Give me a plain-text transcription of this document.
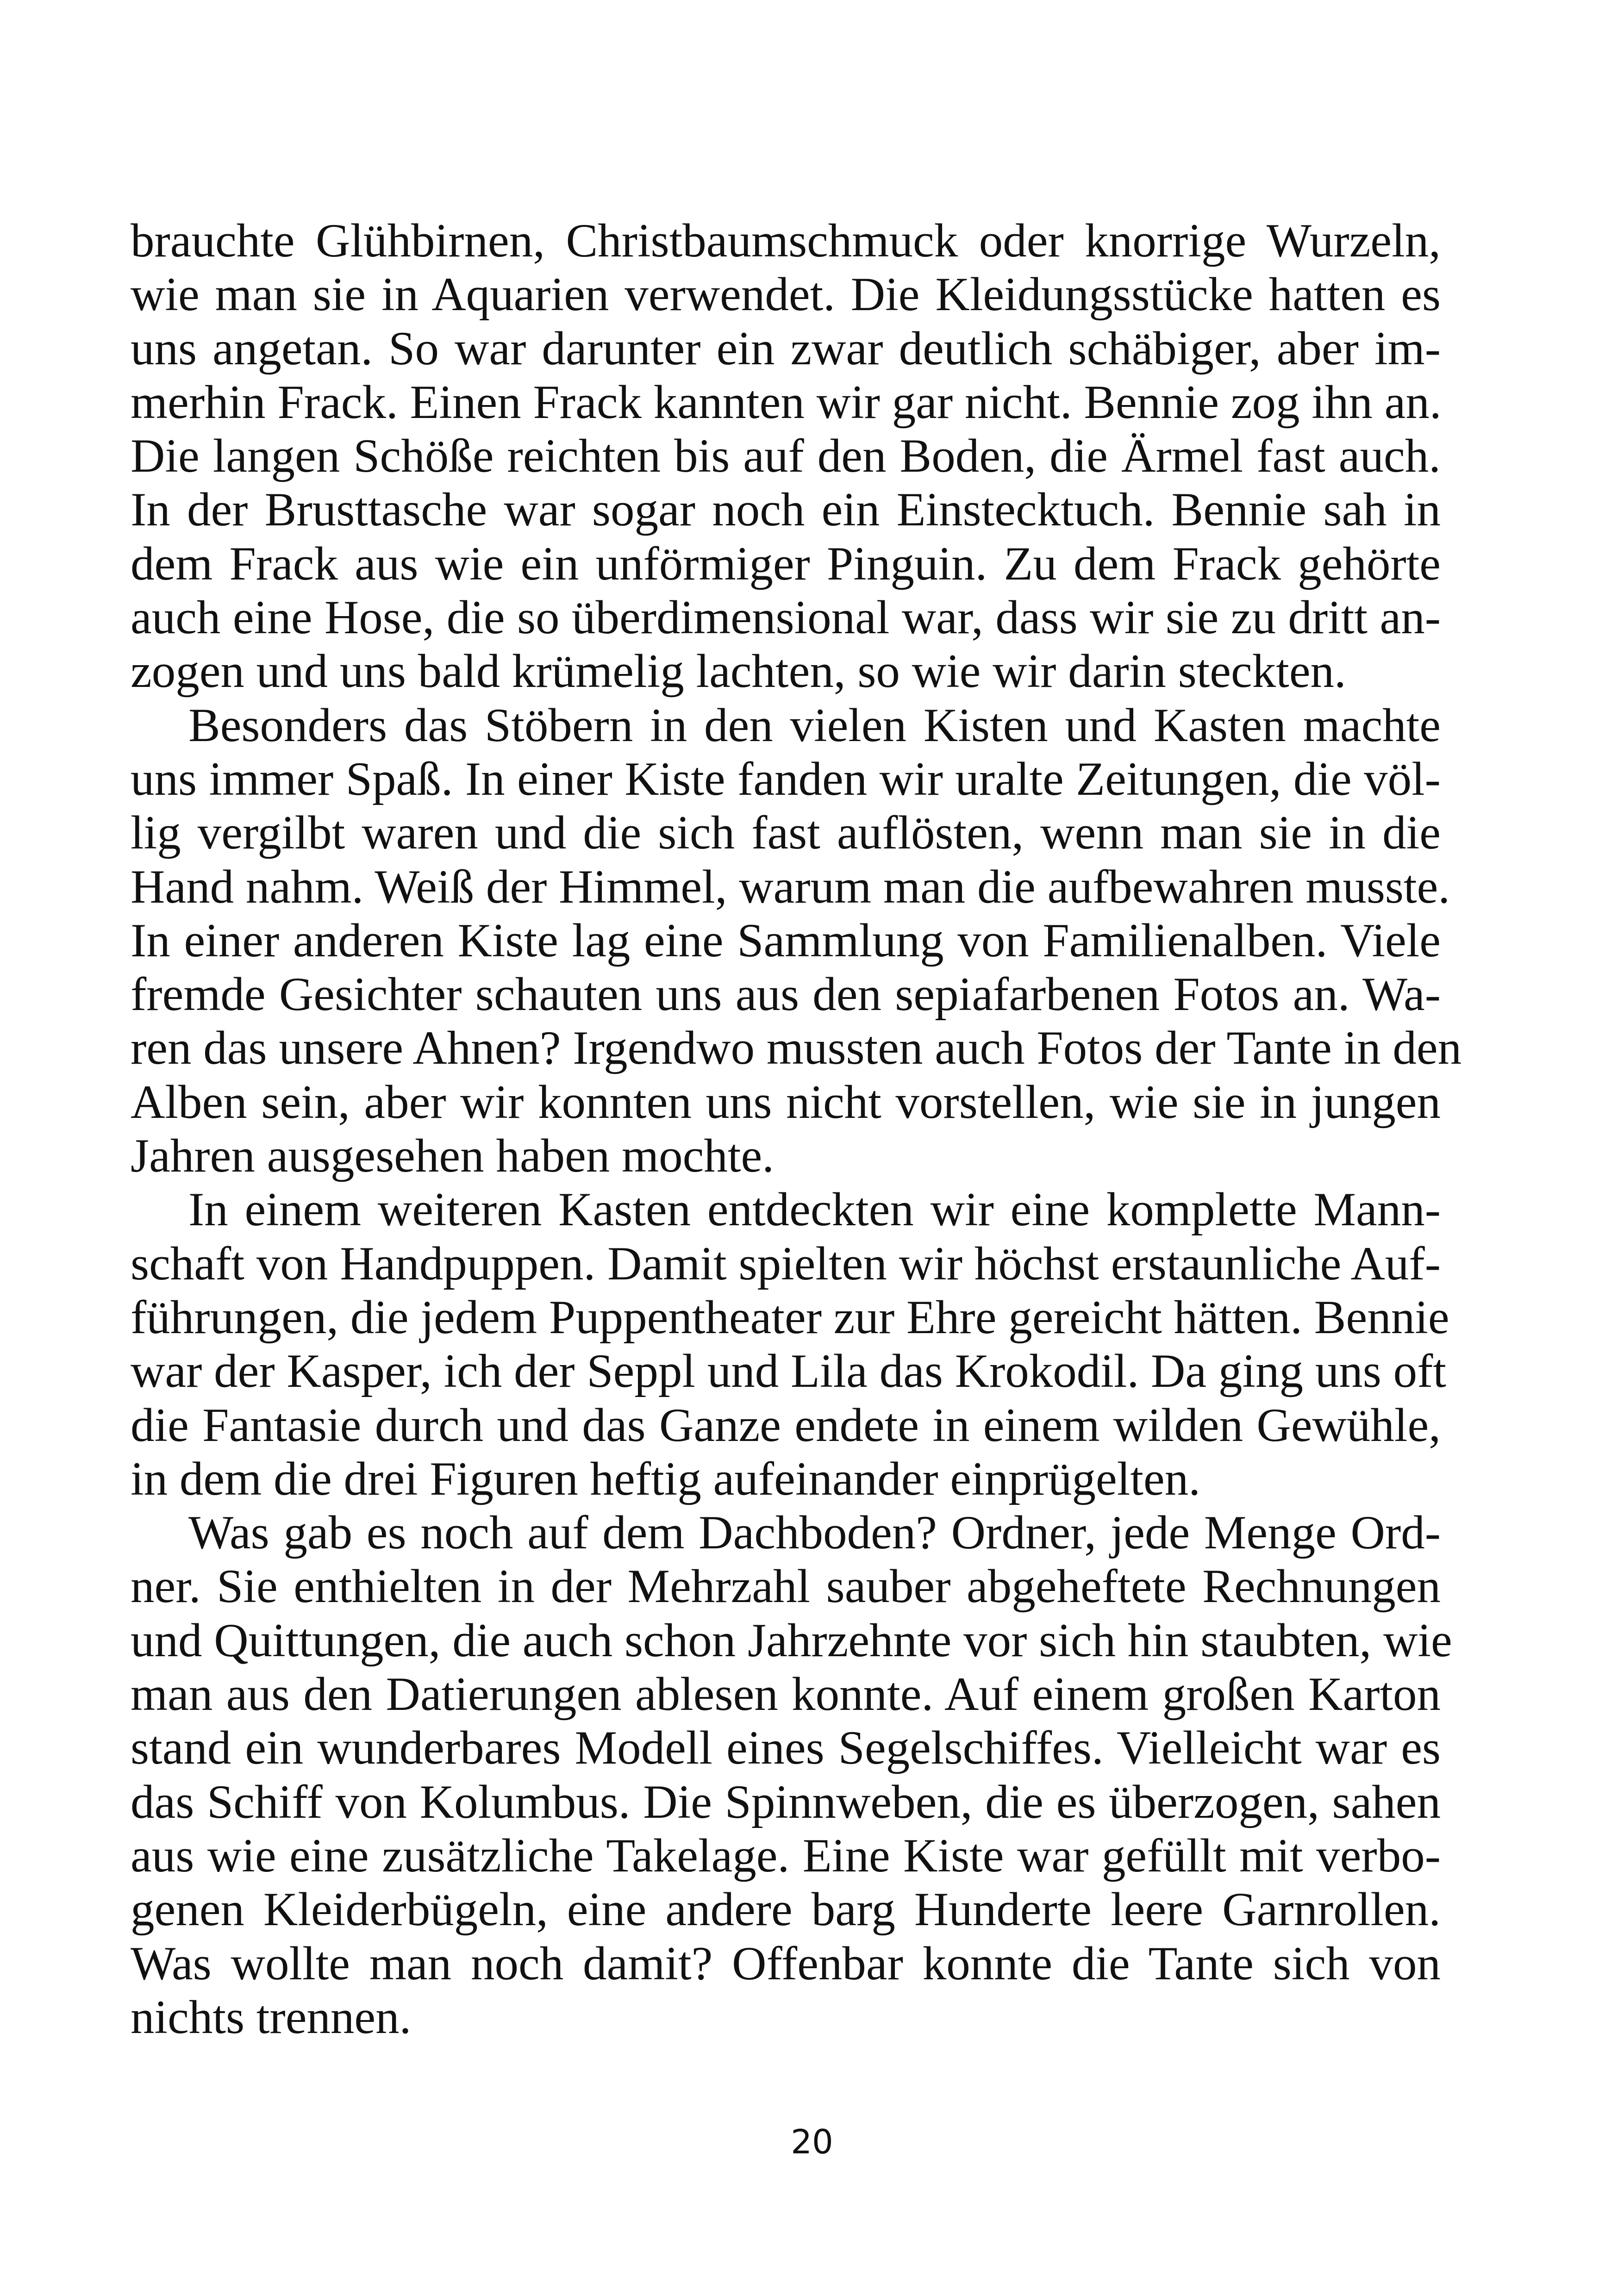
brauchte Glühbirnen, Christbaumschmuck oder knorrige Wurzeln,
wie man sie in Aquarien verwendet. Die Kleidungsstücke hatten es
uns angetan. So war darunter ein zwar deutlich schäbiger, aber im-
merhin Frack. Einen Frack kannten wir gar nicht. Bennie zog ihn an.
Die langen Schöße reichten bis auf den Boden, die Ärmel fast auch.
In der Brusttasche war sogar noch ein Einstecktuch. Bennie sah in
dem Frack aus wie ein unförmiger Pinguin. Zu dem Frack gehörte
auch eine Hose, die so überdimensional war, dass wir sie zu dritt an-
zogen und uns bald krümelig lachten, so wie wir darin steckten.
Besonders das Stöbern in den vielen Kisten und Kasten machte
uns immer Spaß. In einer Kiste fanden wir uralte Zeitungen, die völ-
lig vergilbt waren und die sich fast auflösten, wenn man sie in die
Hand nahm. Weiß der Himmel, warum man die aufbewahren musste.
In einer anderen Kiste lag eine Sammlung von Familienalben. Viele
fremde Gesichter schauten uns aus den sepiafarbenen Fotos an. Wa-
ren das unsere Ahnen? Irgendwo mussten auch Fotos der Tante in den
Alben sein, aber wir konnten uns nicht vorstellen, wie sie in jungen
Jahren ausgesehen haben mochte.
In einem weiteren Kasten entdeckten wir eine komplette Mann-
schaft von Handpuppen. Damit spielten wir höchst erstaunliche Auf-
führungen, die jedem Puppentheater zur Ehre gereicht hätten. Bennie
war der Kasper, ich der Seppl und Lila das Krokodil. Da ging uns oft
die Fantasie durch und das Ganze endete in einem wilden Gewühle,
in dem die drei Figuren heftig aufeinander einprügelten.
Was gab es noch auf dem Dachboden? Ordner, jede Menge Ord-
ner. Sie enthielten in der Mehrzahl sauber abgeheftete Rechnungen
und Quittungen, die auch schon Jahrzehnte vor sich hin staubten, wie
man aus den Datierungen ablesen konnte. Auf einem großen Karton
stand ein wunderbares Modell eines Segelschiffes. Vielleicht war es
das Schiff von Kolumbus. Die Spinnweben, die es überzogen, sahen
aus wie eine zusätzliche Takelage. Eine Kiste war gefüllt mit verbo-
genen Kleiderbügeln, eine andere barg Hunderte leere Garnrollen.
Was wollte man noch damit? Offenbar konnte die Tante sich von
nichts trennen.
20
